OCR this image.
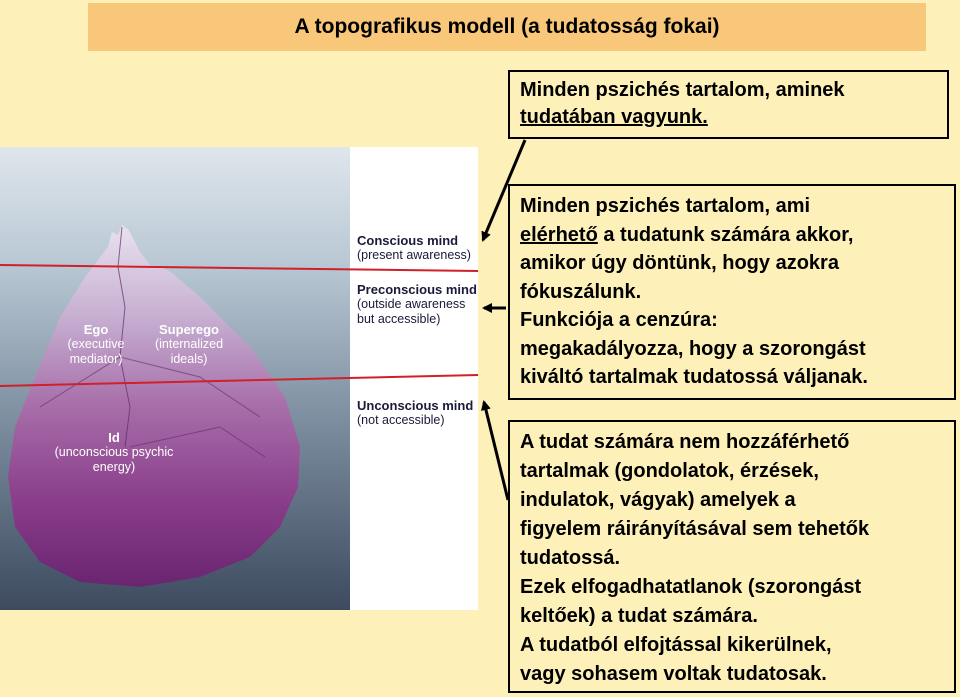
A topografikus modell (a tudatosság fokai)
Minden pszichés tartalom, aminek tudatában vagyunk.
Minden pszichés tartalom, ami
elérhető a tudatunk számára akkor,
amikor úgy döntünk, hogy azokra
fókuszálunk.
Funkciója a cenzúra:
megakadályozza, hogy a szorongást
kiváltó tartalmak tudatossá váljanak.
A tudat számára nem hozzáférhető
tartalmak (gondolatok, érzések,
indulatok, vágyak) amelyek a
figyelem ráirányításával sem tehetők
tudatossá.
Ezek elfogadhatatlanok (szorongást
keltőek) a tudat számára.
A tudatból elfojtással kikerülnek,
vagy sohasem voltak tudatosak.
Conscious mind
(present awareness)
Preconscious mind
(outside awareness
but accessible)
Unconscious mind
(not accessible)
Ego
(executive
mediator)
Superego
(internalized
ideals)
Id
(unconscious psychic
energy)
